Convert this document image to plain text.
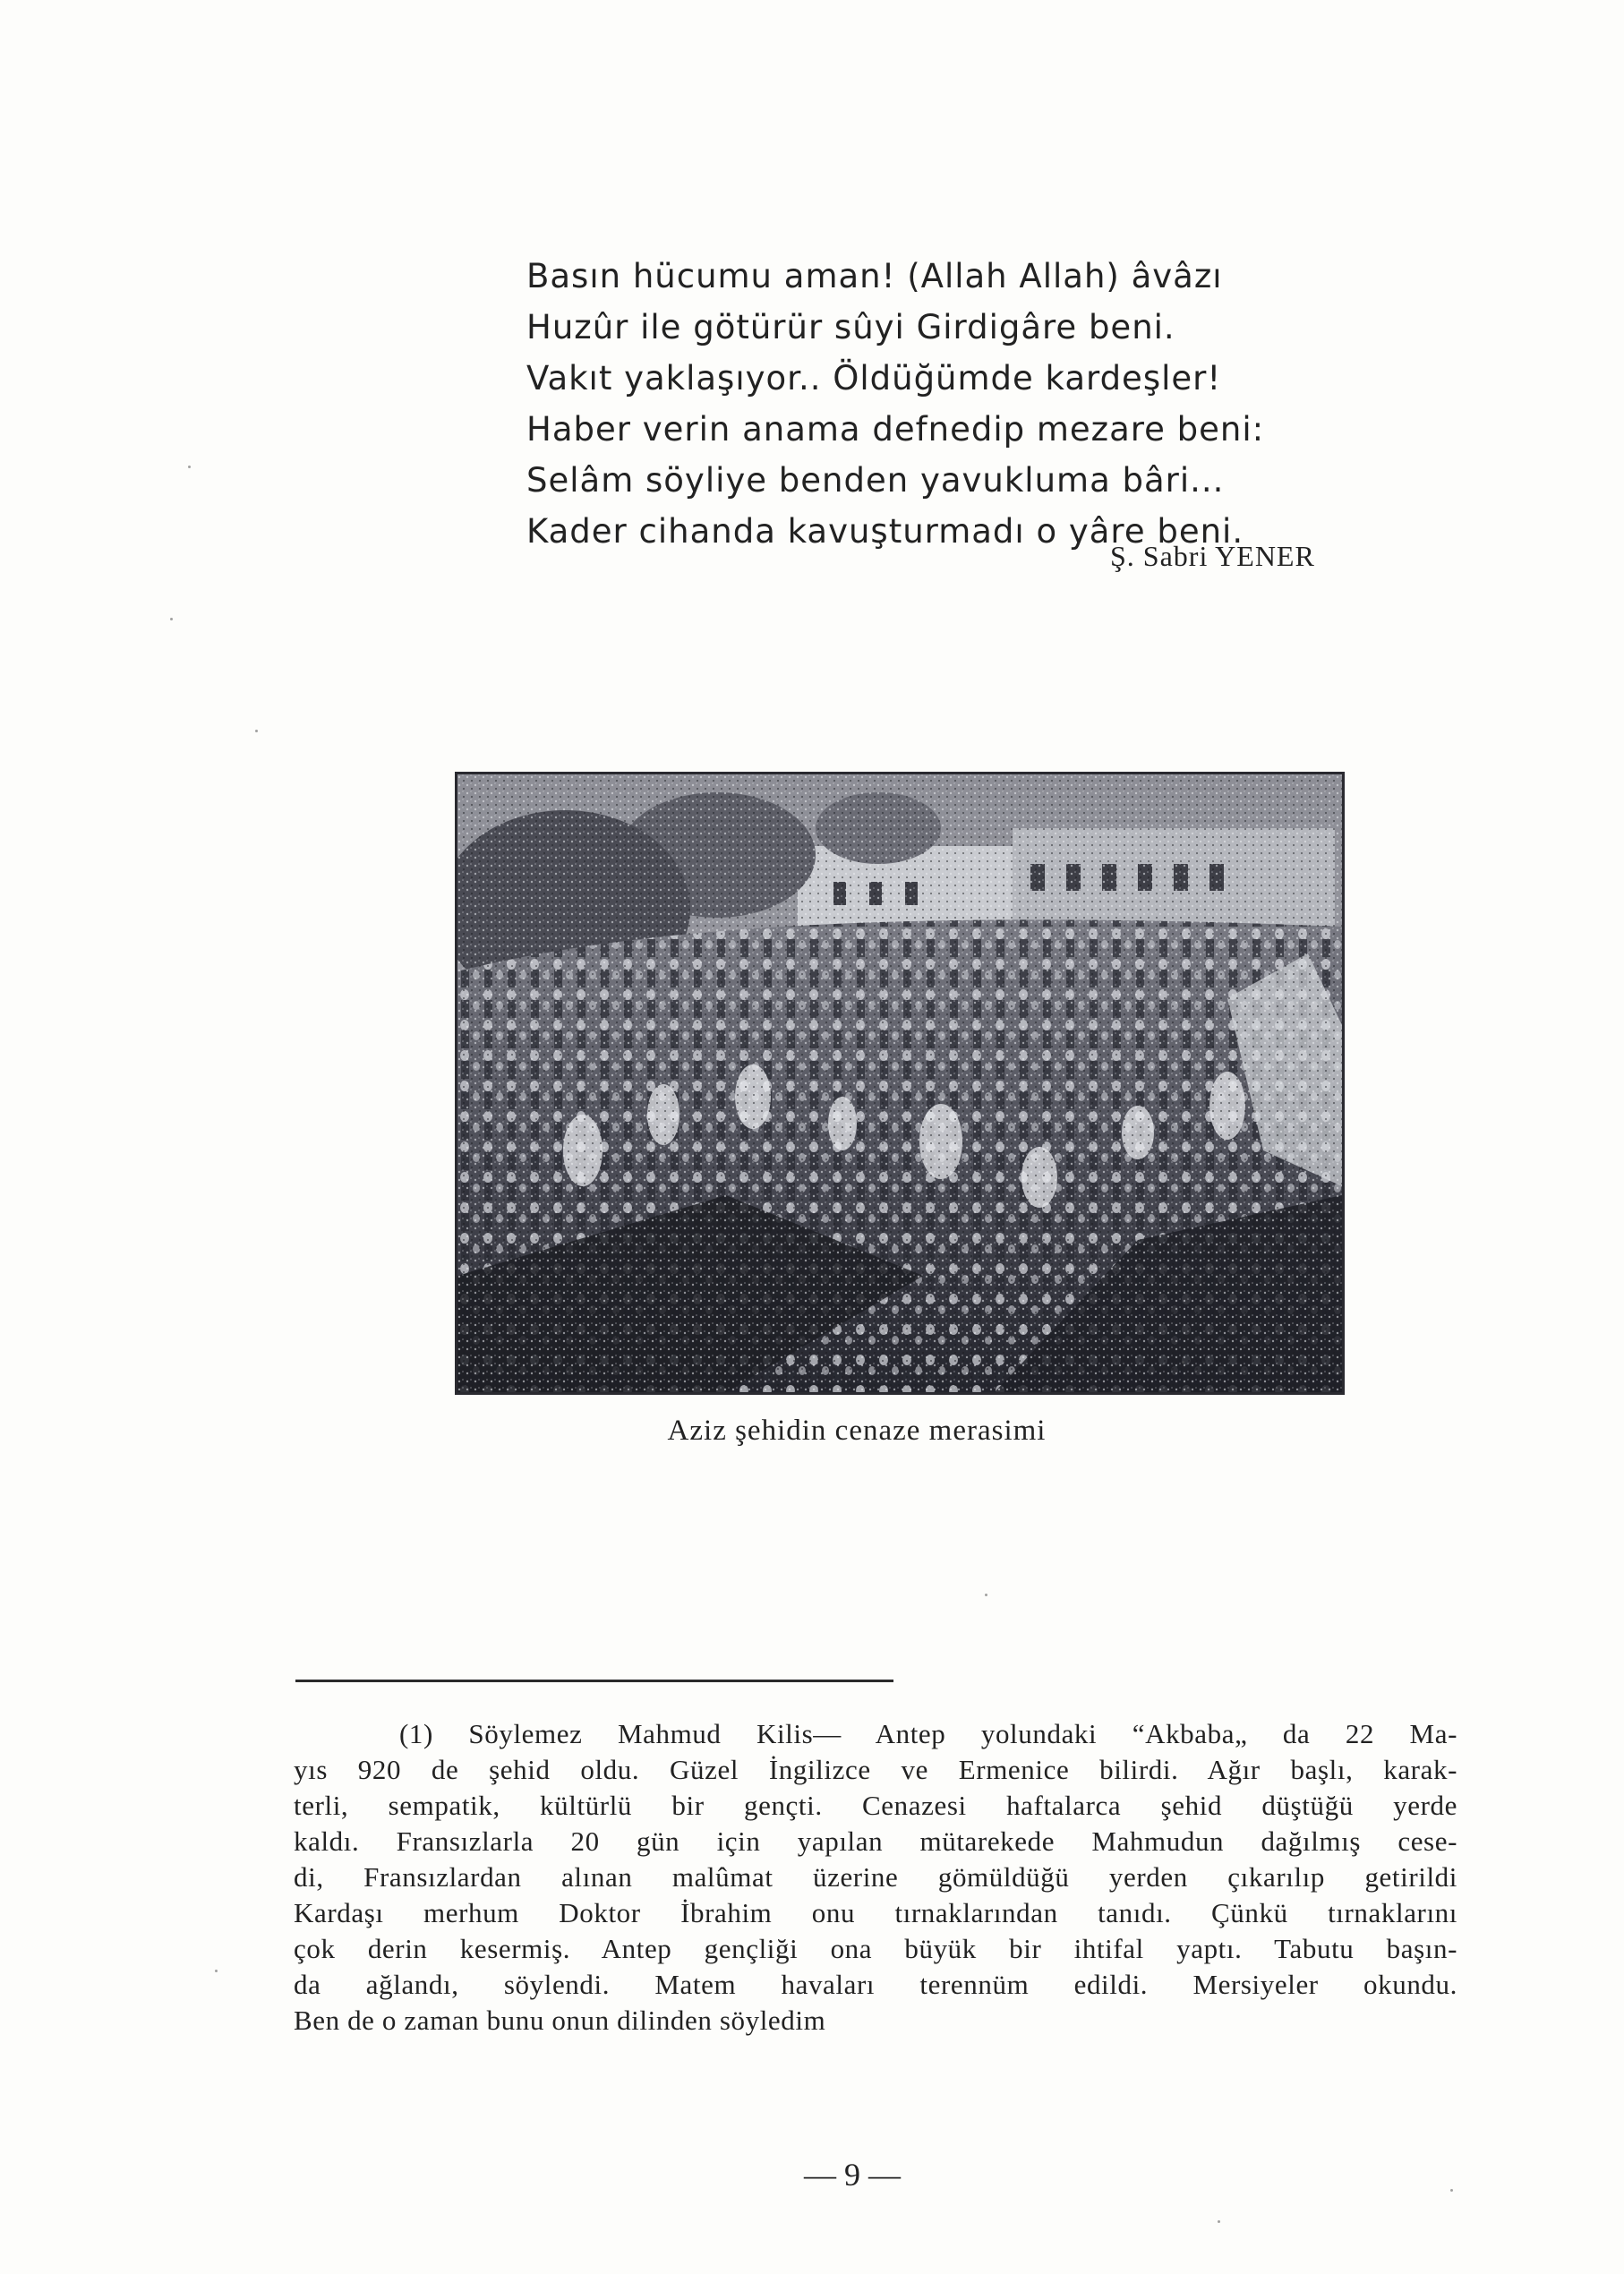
Basın hücumu aman! (Allah Allah) âvâzı
Huzûr ile götürür sûyi Girdigâre beni.
Vakıt yaklaşıyor.. Öldüğümde kardeşler!
Haber verin anama defnedip mezare beni:
Selâm söyliye benden yavukluma bâri...
Kader cihanda kavuşturmadı o yâre beni.
Ş. Sabri YENER
Aziz şehidin cenaze merasimi
(1) Söylemez Mahmud Kilis— Antep yolundaki “Akbaba„ da 22 Ma-
yıs 920 de şehid oldu. Güzel İngilizce ve Ermenice bilirdi. Ağır başlı, karak-
terli, sempatik, kültürlü bir gençti. Cenazesi haftalarca şehid düştüğü yerde
kaldı. Fransızlarla 20 gün için yapılan mütarekede Mahmudun dağılmış cese-
di, Fransızlardan alınan malûmat üzerine gömüldüğü yerden çıkarılıp getirildi
Kardaşı merhum Doktor İbrahim onu tırnaklarından tanıdı. Çünkü tırnaklarını
çok derin kesermiş. Antep gençliği ona büyük bir ihtifal yaptı. Tabutu başın-
da ağlandı, söylendi. Matem havaları terennüm edildi. Mersiyeler okundu.
Ben de o zaman bunu onun dilinden söyledim
— 9 —
